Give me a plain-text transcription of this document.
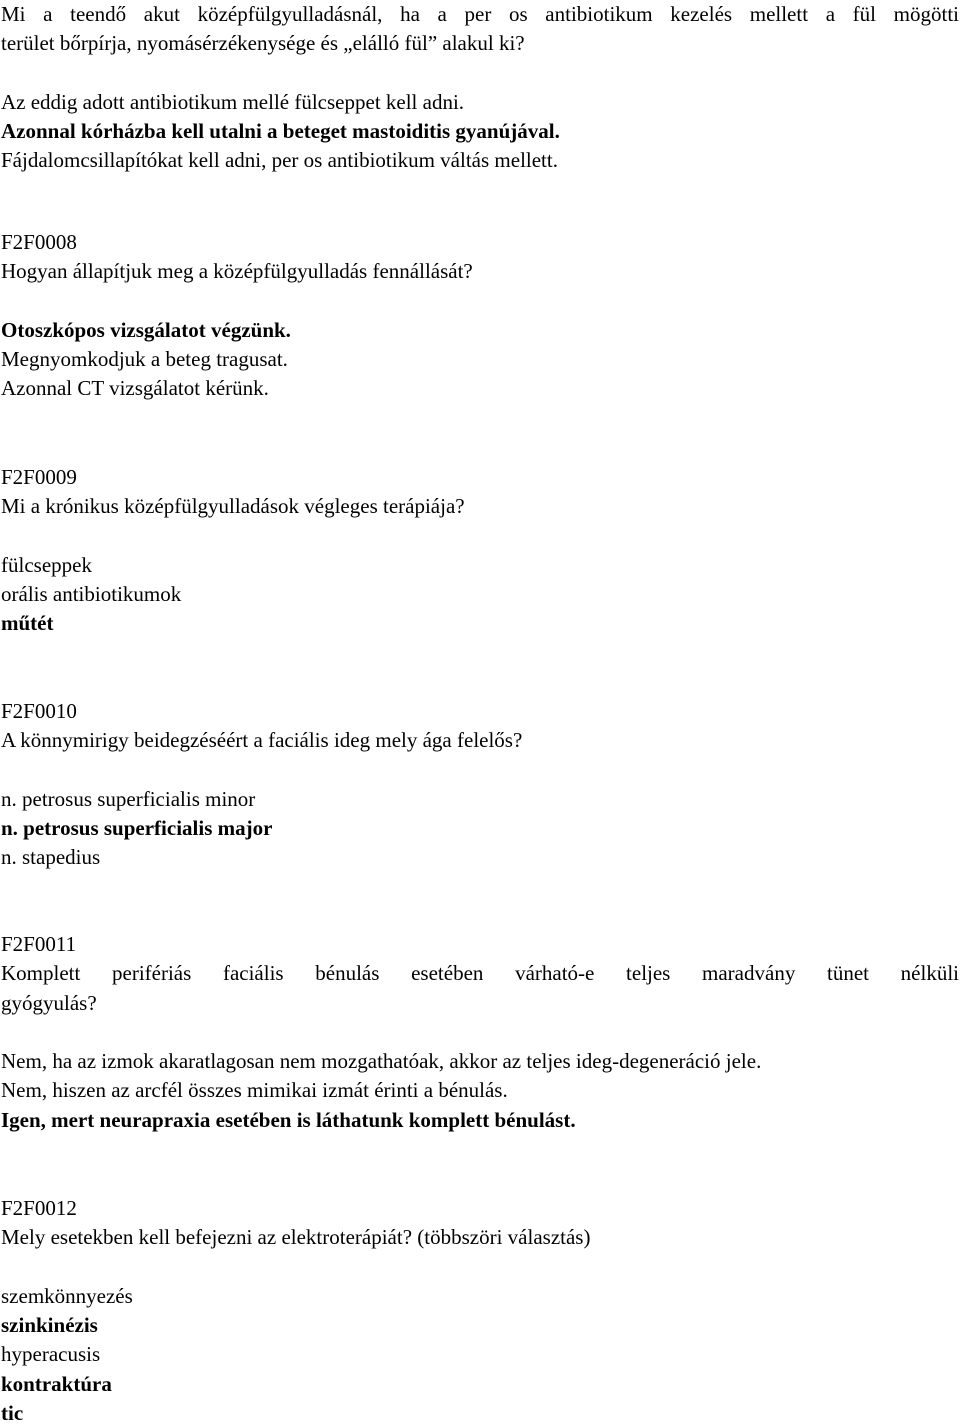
Mi a teendő akut középfülgyulladásnál, ha a per os antibiotikum kezelés mellett a fül mögötti
terület bőrpírja, nyomásérzékenysége és „elálló fül” alakul ki?
Az eddig adott antibiotikum mellé fülcseppet kell adni.
Azonnal kórházba kell utalni a beteget mastoiditis gyanújával.
Fájdalomcsillapítókat kell adni, per os antibiotikum váltás mellett.
F2F0008
Hogyan állapítjuk meg a középfülgyulladás fennállását?
Otoszkópos vizsgálatot végzünk.
Megnyomkodjuk a beteg tragusat.
Azonnal CT vizsgálatot kérünk.
F2F0009
Mi a krónikus középfülgyulladások végleges terápiája?
fülcseppek
orális antibiotikumok
műtét
F2F0010
A könnymirigy beidegzéséért a faciális ideg mely ága felelős?
n. petrosus superficialis minor
n. petrosus superficialis major
n. stapedius
F2F0011
Komplett perifériás faciális bénulás esetében várható-e teljes maradvány tünet nélküli
gyógyulás?
Nem, ha az izmok akaratlagosan nem mozgathatóak, akkor az teljes ideg-degeneráció jele.
Nem, hiszen az arcfél összes mimikai izmát érinti a bénulás.
Igen, mert neurapraxia esetében is láthatunk komplett bénulást.
F2F0012
Mely esetekben kell befejezni az elektroterápiát? (többszöri választás)
szemkönnyezés
szinkinézis
hyperacusis
kontraktúra
tic
